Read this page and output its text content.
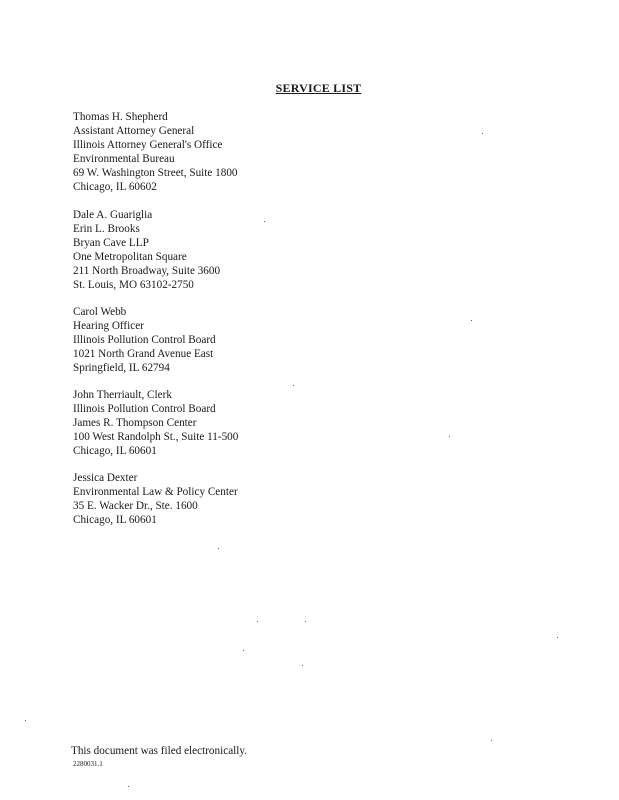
SERVICE LIST
Thomas H. Shepherd
Assistant Attorney General
Illinois Attorney General's Office
Environmental Bureau
69 W. Washington Street, Suite 1800
Chicago, IL 60602
Dale A. Guariglia
Erin L. Brooks
Bryan Cave LLP
One Metropolitan Square
211 North Broadway, Suite 3600
St. Louis, MO 63102-2750
Carol Webb
Hearing Officer
Illinois Pollution Control Board
1021 North Grand Avenue East
Springfield, IL 62794
John Therriault, Clerk
Illinois Pollution Control Board
James R. Thompson Center
100 West Randolph St., Suite 11-500
Chicago, IL 60601
Jessica Dexter
Environmental Law & Policy Center
35 E. Wacker Dr., Ste. 1600
Chicago, IL 60601
This document was filed electronically.
2280031.1
